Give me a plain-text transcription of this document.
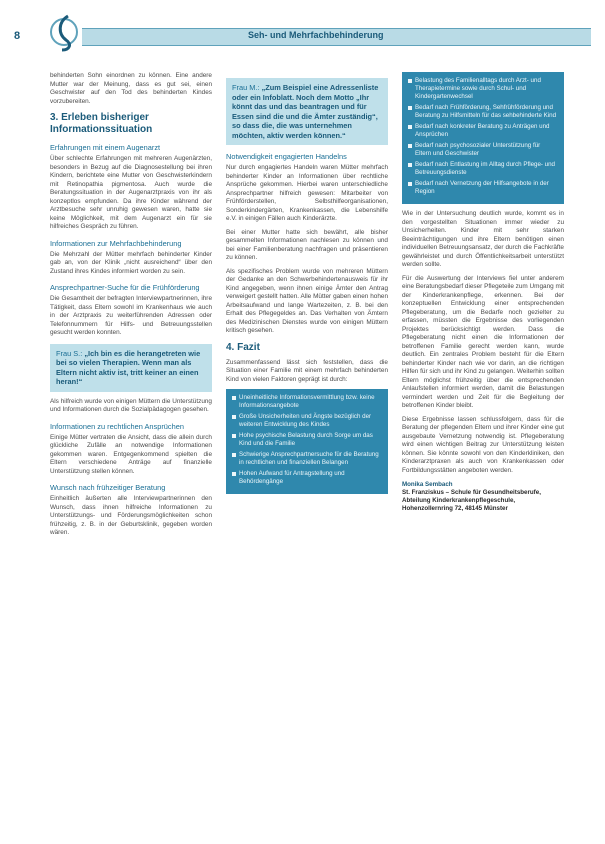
8	Seh- und Mehrfachbehinderung

behinderten Sohn einordnen zu können. Eine andere Mutter war der Meinung, dass es gut sei, einen Geschwister auf den Tod des behinderten Kindes vorzubereiten.

3. Erleben bisheriger Informationssituation
Erfahrungen mit einem Augenarzt

Über schlechte Erfahrungen mit mehreren Augenärzten, besonders in Bezug auf die Diagnosestellung bei ihren Kindern, berichtete eine Mutter von Geschwisterkindern mit Retinopathia pigmentosa. Auch wurde die Beratungssituation in der Augenarztpraxis von ihr als konzeptlos empfunden. Da ihre Kinder während der Arztbesuche sehr unruhig gewesen waren, hatte sie keine Möglichkeit, mit dem Augenarzt ein für sie hilfreiches Gespräch zu führen.

Informationen zur Mehrfachbehinderung

Die Mehrzahl der Mütter mehrfach behinderter Kinder gab an, von der Klinik „nicht ausreichend“ über den Zustand ihres Kindes informiert worden zu sein.

Ansprechpartner-Suche für die Frühförderung

Die Gesamtheit der befragten Interviewpartnerinnen, ihre Tätigkeit, dass Eltern sowohl im Krankenhaus wie auch in der Arztpraxis zu weiterführenden Adressen oder Telefonnummern für Hilfs- und Betreuungsstellen gesucht werden konnten.

Frau S.: „Ich bin es die herangetreten wie bei so vielen Therapien. Wenn man als Eltern nicht aktiv ist, tritt keiner an einen heran!“

Als hilfreich wurde von einigen Müttern die Unterstützung und Informationen durch die Sozialpädagogen gesehen.

Informationen zu rechtlichen Ansprüchen

Einige Mütter vertraten die Ansicht, dass die allein durch glückliche Zufälle an notwendige Informationen gekommen waren. Entgegenkommend spielten die Eltern verschiedene Anträge auf finanzielle Unterstützung stellen können.

Wunsch nach frühzeitiger Beratung

Einheitlich äußerten alle Interviewpartnerinnen den Wunsch, dass ihnen hilfreiche Informationen zu Unterstützungs- und Förderungsmöglichkeiten schon frühzeitig, z. B. in der Geburtsklinik, gegeben worden wären.

Frau M.: „Zum Beispiel eine Adressenliste oder ein Infoblatt. Noch dem Motto „Ihr könnt das und das beantragen und für Essen sind die und die Ämter zuständig“, so dass die, die was unternehmen möchten, aktiv werden können.“
Notwendigkeit engagierten Handelns

Nur durch engagiertes Handeln waren Mütter mehrfach behinderter Kinder an Informationen über rechtliche Ansprüche gekommen. Hierbei waren unterschiedliche Ansprechpartner hilfreich gewesen: Mitarbeiter von Frühförderstellen, Selbsthilfeorganisationen, Sonderkindergärten, Krankenkassen, die Lebenshilfe e.V. in einigen Fällen auch Kinderärzte.

Bei einer Mutter hatte sich bewährt, alle bisher gesammelten Informationen nachlesen zu können und bei einer Familienberatung nachfragen und präsentieren zu können.

Als spezifisches Problem wurde von mehreren Müttern der Gedanke an den Schwerbehindertenausweis für ihr Kind angegeben, wenn ihnen einige Ämter den Antrag verweigert gestellt hatten. Alle Mütter gaben einen hohen Arbeitsaufwand und lange Wartezeiten, z. B. bei den Erhalt des Pflegegeldes an. Das Verhalten von Ämtern des Medizinischen Dienstes wurde von einigen Müttern kritisch gesehen.

4. Fazit

Zusammenfassend lässt sich feststellen, dass die Situation einer Familie mit einem mehrfach behinderten Kind von vielen Faktoren geprägt ist durch:

Uneinheitliche Informationsvermittlung bzw. keine Informationsangebote
Große Unsicherheiten und Ängste bezüglich der weiteren Entwicklung des Kindes
Hohe psychische Belastung durch Sorge um das Kind und die Familie
Schwierige Ansprechpartnersuche für die Beratung in rechtlichen und finanziellen Belangen
Hohen Aufwand für Antragstellung und Behördengänge
Belastung des Familienalltags durch Arzt- und Therapietermine sowie durch Schul- und Kindergartenwechsel
Bedarf nach Frühförderung, Sehfrühförderung und Beratung zu Hilfsmitteln für das sehbehinderte Kind
Bedarf nach konkreter Beratung zu Anträgen und Ansprüchen
Bedarf nach psychosozialer Unterstützung für Eltern und Geschwister
Bedarf nach Entlastung im Alltag durch Pflege- und Betreuungsdienste
Bedarf nach Vernetzung der Hilfsangebote in der Region

Wie in der Untersuchung deutlich wurde, kommt es in den vorgestellten Situationen immer wieder zu Unsicherheiten. Kinder mit sehr starken Beeinträchtigungen und ihre Eltern benötigen einen individuellen Betreuungsansatz, der durch die Fachkräfte gewährleistet und durch Öffentlichkeitsarbeit unterstützt werden sollte.

Für die Auswertung der Interviews fiel unter anderem eine Beratungsbedarf dieser Pflegeteile zum Umgang mit der Kinderkrankenpflege, erkennen. Bei der konzeptuellen Entwicklung einer entsprechenden Pflegeberatung, um die Bedarfe noch gezielter zu erfassen, müssten die Ergebnisse des vorliegenden Projektes berücksichtigt werden. Dass die Pflegeberatung nicht einen die Informationen der betroffenen Familie gerecht werden kann, wurde deutlich. Ein zentrales Problem besteht für die Eltern behinderter Kinder nach wie vor darin, an die richtigen Hilfen für sich und ihr Kind zu gelangen. Weiterhin sollten Eltern möglichst frühzeitig über die entsprechenden Anlaufstellen informiert werden, damit die Belastungen vermindert werden und Zeit für die Begleitung der betroffenen Kinder bleibt.

Diese Ergebnisse lassen schlussfolgern, dass für die Beratung der pflegenden Eltern und ihrer Kinder eine gut ausgebaute Vernetzung notwendig ist. Pflegeberatung wird einen wichtigen Beitrag zur Unterstützung leisten können. Sie könnte sowohl von den Kinderkliniken, den Kinderarztpraxen als auch von Krankenkassen oder Fortbildungsstätten angeboten werden.

Monika Sembach
St. Franziskus – Schule für Gesundheitsberufe, Abteilung Kinderkrankenpflegeschule, Hohenzollernring 72, 48145 Münster
